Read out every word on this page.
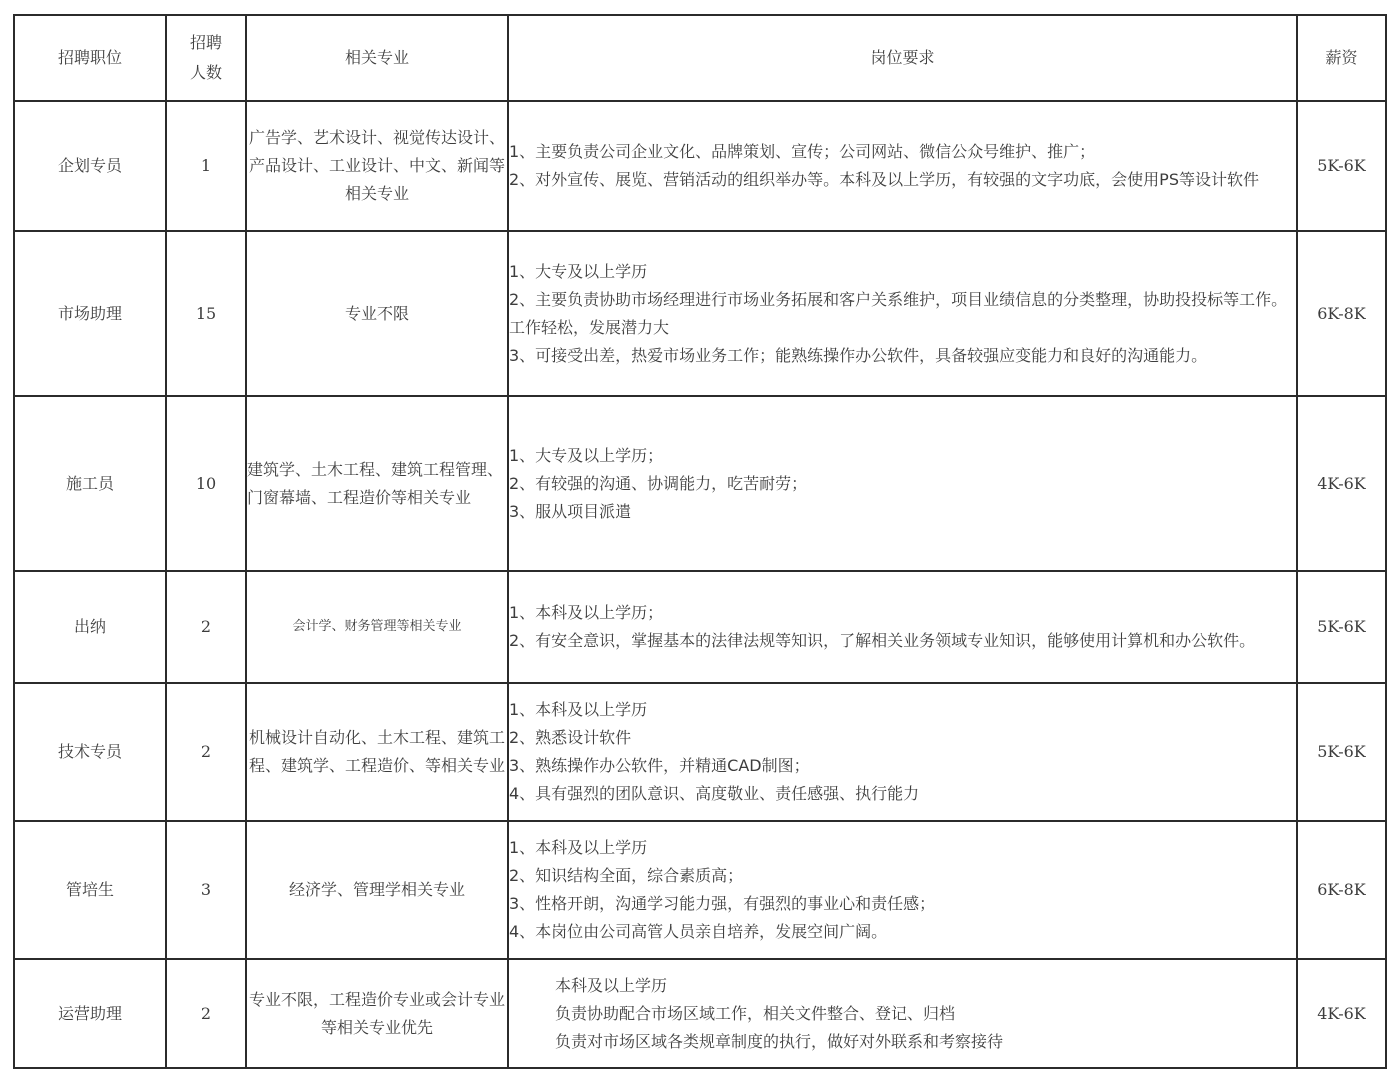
招聘职位	招聘
人数	相关专业	岗位要求	薪资
企划专员	1	广告学、艺术设计、视觉传达设计、产品设计、工业设计、中文、新闻等相关专业	1、主要负责公司企业文化、品牌策划、宣传；公司网站、微信公众号维护、推广；
2、对外宣传、展览、营销活动的组织举办等。本科及以上学历，有较强的文字功底，会使用PS等设计软件	5K-6K
市场助理	15	专业不限	1、大专及以上学历
2、主要负责协助市场经理进行市场业务拓展和客户关系维护，项目业绩信息的分类整理，协助投投标等工作。工作轻松，发展潜力大
3、可接受出差，热爱市场业务工作；能熟练操作办公软件，具备较强应变能力和良好的沟通能力。	6K-8K
施工员	10	建筑学、土木工程、建筑工程管理、门窗幕墙、工程造价等相关专业	1、大专及以上学历；
2、有较强的沟通、协调能力，吃苦耐劳；
3、服从项目派遣	4K-6K
出纳	2	会计学、财务管理等相关专业	1、本科及以上学历；
2、有安全意识，掌握基本的法律法规等知识，了解相关业务领域专业知识，能够使用计算机和办公软件。	5K-6K
技术专员	2	机械设计自动化、土木工程、建筑工程、建筑学、工程造价、等相关专业	1、本科及以上学历
2、熟悉设计软件
3、熟练操作办公软件，并精通CAD制图；
4、具有强烈的团队意识、高度敬业、责任感强、执行能力	5K-6K
管培生	3	经济学、管理学相关专业	1、本科及以上学历
2、知识结构全面，综合素质高；
3、性格开朗，沟通学习能力强，有强烈的事业心和责任感；
4、本岗位由公司高管人员亲自培养，发展空间广阔。	6K-8K
运营助理	2	专业不限，工程造价专业或会计专业等相关专业优先	本科及以上学历
负责协助配合市场区域工作，相关文件整合、登记、归档
负责对市场区域各类规章制度的执行，做好对外联系和考察接待	4K-6K
